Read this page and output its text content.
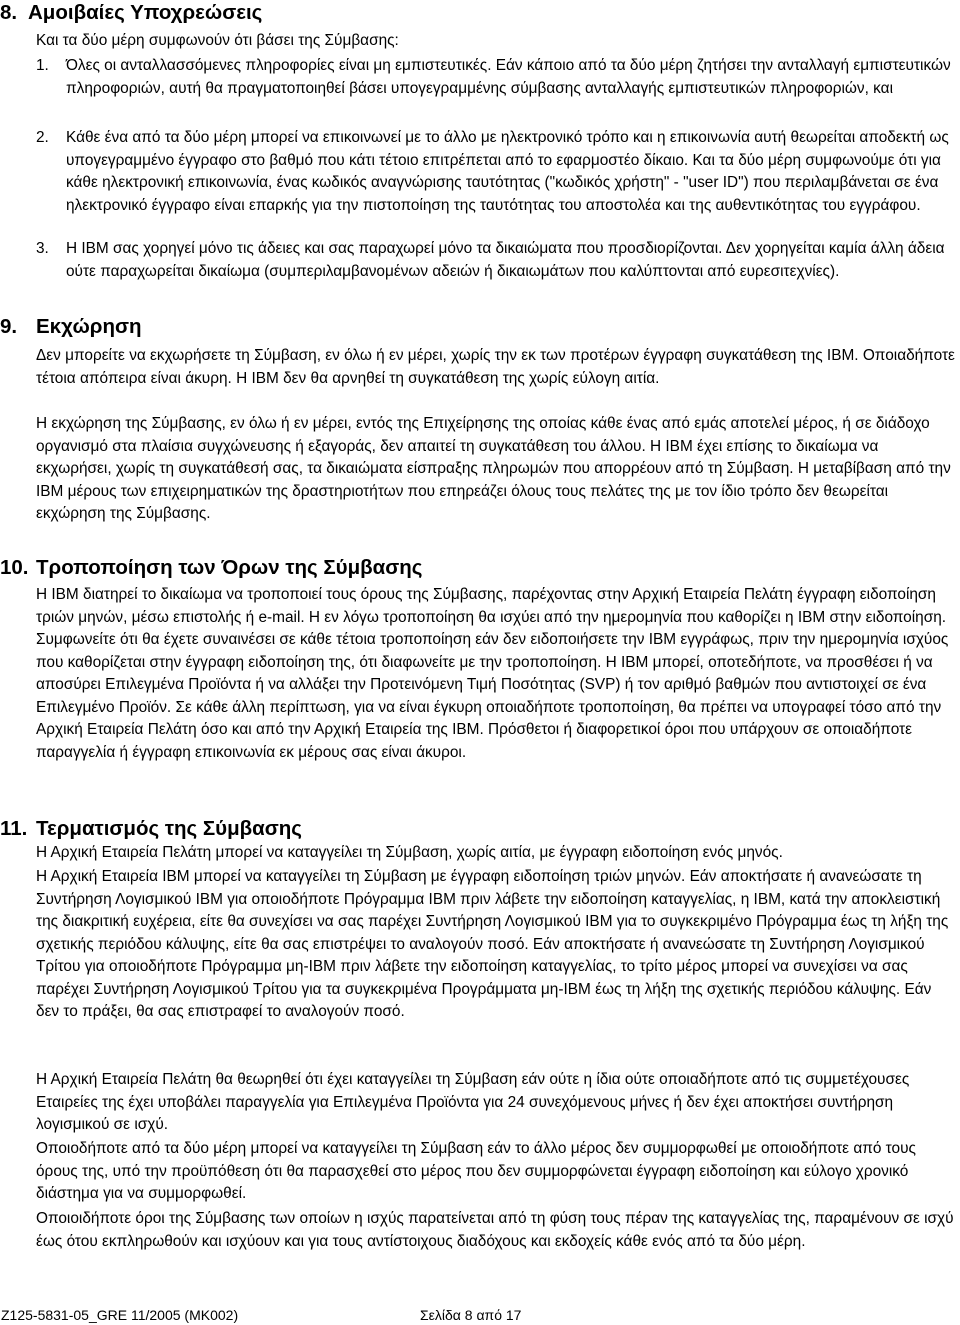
8. Αμοιβαίες Υποχρεώσεις
Και τα δύο μέρη συμφωνούν ότι βάσει της Σύμβασης:
1. Όλες οι ανταλλασσόμενες πληροφορίες είναι μη εμπιστευτικές. Εάν κάποιο από τα δύο μέρη ζητήσει την ανταλλαγή εμπιστευτικών πληροφοριών, αυτή θα πραγματοποιηθεί βάσει υπογεγραμμένης σύμβασης ανταλλαγής εμπιστευτικών πληροφοριών, και
2. Κάθε ένα από τα δύο μέρη μπορεί να επικοινωνεί με το άλλο με ηλεκτρονικό τρόπο και η επικοινωνία αυτή θεωρείται αποδεκτή ως υπογεγραμμένο έγγραφο στο βαθμό που κάτι τέτοιο επιτρέπεται από το εφαρμοστέο δίκαιο. Και τα δύο μέρη συμφωνούμε ότι για κάθε ηλεκτρονική επικοινωνία, ένας κωδικός αναγνώρισης ταυτότητας ("κωδικός χρήστη" - "user ID") που περιλαμβάνεται σε ένα ηλεκτρονικό έγγραφο είναι επαρκής για την πιστοποίηση της ταυτότητας του αποστολέα και της αυθεντικότητας του εγγράφου.
3. Η IBM σας χορηγεί μόνο τις άδειες και σας παραχωρεί μόνο τα δικαιώματα που προσδιορίζονται. Δεν χορηγείται καμία άλλη άδεια ούτε παραχωρείται δικαίωμα (συμπεριλαμβανομένων αδειών ή δικαιωμάτων που καλύπτονται από ευρεσιτεχνίες).
9. Εκχώρηση
Δεν μπορείτε να εκχωρήσετε τη Σύμβαση, εν όλω ή εν μέρει, χωρίς την εκ των προτέρων έγγραφη συγκατάθεση της IBM. Οποιαδήποτε τέτοια απόπειρα είναι άκυρη. Η IBM δεν θα αρνηθεί τη συγκατάθεση της χωρίς εύλογη αιτία.
Η εκχώρηση της Σύμβασης, εν όλω ή εν μέρει, εντός της Επιχείρησης της οποίας κάθε ένας από εμάς αποτελεί μέρος, ή σε διάδοχο οργανισμό στα πλαίσια συγχώνευσης ή εξαγοράς, δεν απαιτεί τη συγκατάθεση του άλλου. Η IBM έχει επίσης το δικαίωμα να εκχωρήσει, χωρίς τη συγκατάθεσή σας, τα δικαιώματα είσπραξης πληρωμών που απορρέουν από τη Σύμβαση. Η μεταβίβαση από την IBM μέρους των επιχειρηματικών της δραστηριοτήτων που επηρεάζει όλους τους πελάτες της με τον ίδιο τρόπο δεν θεωρείται εκχώρηση της Σύμβασης.
10. Τροποποίηση των Όρων της Σύμβασης
Η IBM διατηρεί το δικαίωμα να τροποποιεί τους όρους της Σύμβασης, παρέχοντας στην Αρχική Εταιρεία Πελάτη έγγραφη ειδοποίηση τριών μηνών, μέσω επιστολής ή e-mail. Η εν λόγω τροποποίηση θα ισχύει από την ημερομηνία που καθορίζει η IBM στην ειδοποίηση. Συμφωνείτε ότι θα έχετε συναινέσει σε κάθε τέτοια τροποποίηση εάν δεν ειδοποιήσετε την IBM εγγράφως, πριν την ημερομηνία ισχύος που καθορίζεται στην έγγραφη ειδοποίηση της, ότι διαφωνείτε με την τροποποίηση. Η IBM μπορεί, οποτεδήποτε, να προσθέσει ή να αποσύρει Επιλεγμένα Προϊόντα ή να αλλάξει την Προτεινόμενη Τιμή Ποσότητας (SVP) ή τον αριθμό βαθμών που αντιστοιχεί σε ένα Επιλεγμένο Προϊόν. Σε κάθε άλλη περίπτωση, για να είναι έγκυρη οποιαδήποτε τροποποίηση, θα πρέπει να υπογραφεί τόσο από την Αρχική Εταιρεία Πελάτη όσο και από την Αρχική Εταιρεία της IBM. Πρόσθετοι ή διαφορετικοί όροι που υπάρχουν σε οποιαδήποτε παραγγελία ή έγγραφη επικοινωνία εκ μέρους σας είναι άκυροι.
11. Τερματισμός της Σύμβασης
Η Αρχική Εταιρεία Πελάτη μπορεί να καταγγείλει τη Σύμβαση, χωρίς αιτία, με έγγραφη ειδοποίηση ενός μηνός.
Η Αρχική Εταιρεία IBM μπορεί να καταγγείλει τη Σύμβαση με έγγραφη ειδοποίηση τριών μηνών. Εάν αποκτήσατε ή ανανεώσατε τη Συντήρηση Λογισμικού IBM για οποιοδήποτε Πρόγραμμα IBM πριν λάβετε την ειδοποίηση καταγγελίας, η IBM, κατά την αποκλειστική της διακριτική ευχέρεια, είτε θα συνεχίσει να σας παρέχει Συντήρηση Λογισμικού IBM για το συγκεκριμένο Πρόγραμμα έως τη λήξη της σχετικής περιόδου κάλυψης, είτε θα σας επιστρέψει το αναλογούν ποσό. Εάν αποκτήσατε ή ανανεώσατε τη Συντήρηση Λογισμικού Τρίτου για οποιοδήποτε Πρόγραμμα μη-IBM πριν λάβετε την ειδοποίηση καταγγελίας, το τρίτο μέρος μπορεί να συνεχίσει να σας παρέχει Συντήρηση Λογισμικού Τρίτου για τα συγκεκριμένα Προγράμματα μη-IBM έως τη λήξη της σχετικής περιόδου κάλυψης. Εάν δεν το πράξει, θα σας επιστραφεί το αναλογούν ποσό.
Η Αρχική Εταιρεία Πελάτη θα θεωρηθεί ότι έχει καταγγείλει τη Σύμβαση εάν ούτε η ίδια ούτε οποιαδήποτε από τις συμμετέχουσες Εταιρείες της έχει υποβάλει παραγγελία για Επιλεγμένα Προϊόντα για 24 συνεχόμενους μήνες ή δεν έχει αποκτήσει συντήρηση λογισμικού σε ισχύ.
Οποιοδήποτε από τα δύο μέρη μπορεί να καταγγείλει τη Σύμβαση εάν το άλλο μέρος δεν συμμορφωθεί με οποιοδήποτε από τους όρους της, υπό την προϋπόθεση ότι θα παρασχεθεί στο μέρος που δεν συμμορφώνεται έγγραφη ειδοποίηση και εύλογο χρονικό διάστημα για να συμμορφωθεί.
Οποιοιδήποτε όροι της Σύμβασης των οποίων η ισχύς παρατείνεται από τη φύση τους πέραν της καταγγελίας της, παραμένουν σε ισχύ έως ότου εκπληρωθούν και ισχύουν και για τους αντίστοιχους διαδόχους και εκδοχείς κάθε ενός από τα δύο μέρη.
Z125-5831-05_GRE 11/2005 (MK002)	Σελίδα 8 από 17
